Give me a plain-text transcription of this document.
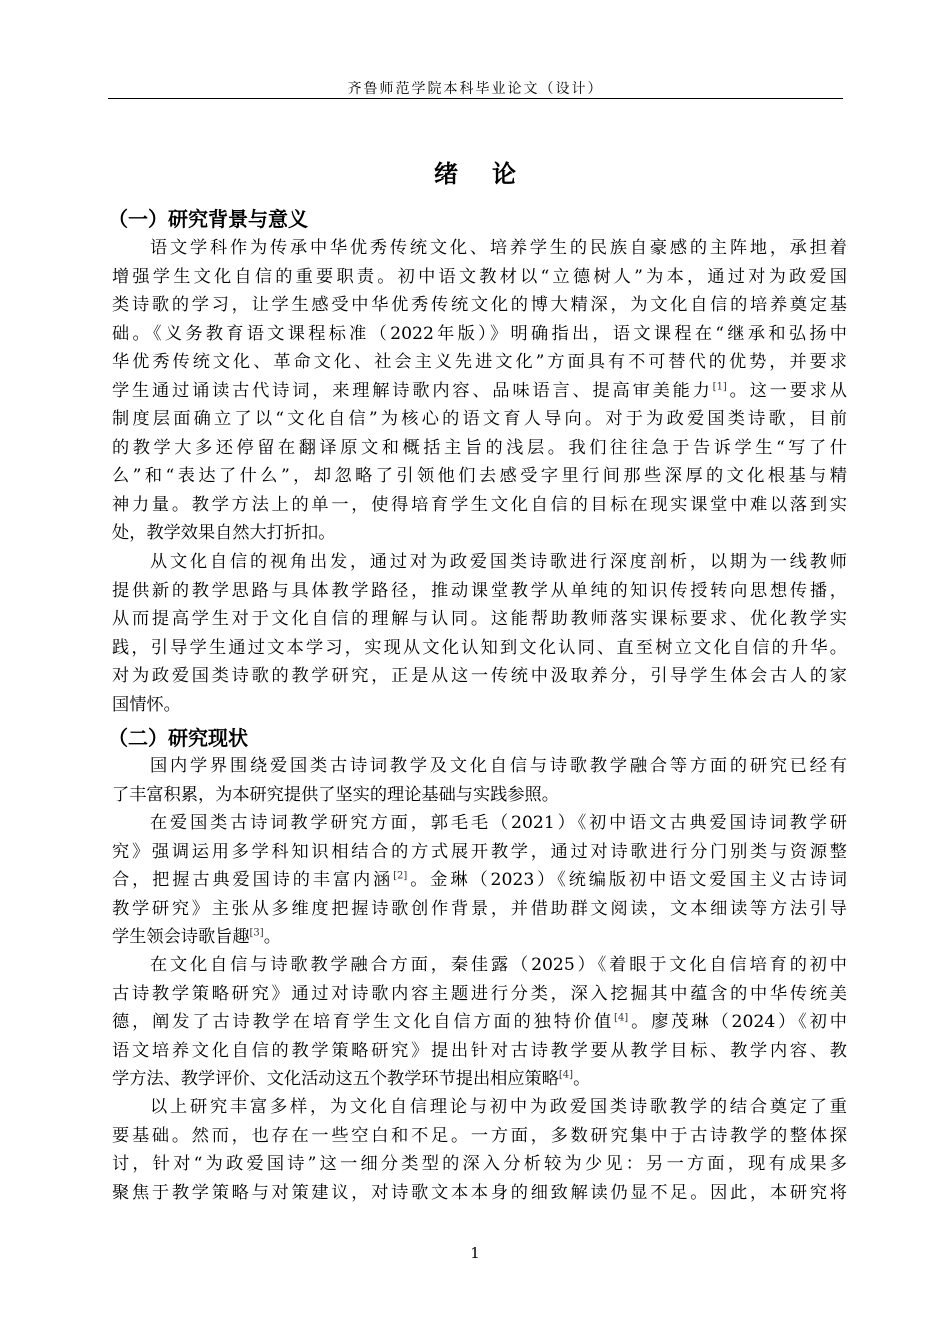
齐鲁师范学院本科毕业论文（设计）
绪论
（一）研究背景与意义
语文学科作为传承中华优秀传统文化、培养学生的民族自豪感的主阵地，承担着
增强学生文化自信的重要职责。初中语文教材以“立德树人”为本，通过对为政爱国
类诗歌的学习，让学生感受中华优秀传统文化的博大精深，为文化自信的培养奠定基
础。《义务教育语文课程标准（2022年版）》明确指出，语文课程在“继承和弘扬中
华优秀传统文化、革命文化、社会主义先进文化”方面具有不可替代的优势，并要求
学生通过诵读古代诗词，来理解诗歌内容、品味语言、提高审美能力[1]。这一要求从
制度层面确立了以“文化自信”为核心的语文育人导向。对于为政爱国类诗歌，目前
的教学大多还停留在翻译原文和概括主旨的浅层。我们往往急于告诉学生“写了什
么”和“表达了什么”，却忽略了引领他们去感受字里行间那些深厚的文化根基与精
神力量。教学方法上的单一，使得培育学生文化自信的目标在现实课堂中难以落到实
处，教学效果自然大打折扣。
从文化自信的视角出发，通过对为政爱国类诗歌进行深度剖析，以期为一线教师
提供新的教学思路与具体教学路径，推动课堂教学从单纯的知识传授转向思想传播，
从而提高学生对于文化自信的理解与认同。这能帮助教师落实课标要求、优化教学实
践，引导学生通过文本学习，实现从文化认知到文化认同、直至树立文化自信的升华。
对为政爱国类诗歌的教学研究，正是从这一传统中汲取养分，引导学生体会古人的家
国情怀。
（二）研究现状
国内学界围绕爱国类古诗词教学及文化自信与诗歌教学融合等方面的研究已经有
了丰富积累，为本研究提供了坚实的理论基础与实践参照。
在爱国类古诗词教学研究方面，郭毛毛（2021）《初中语文古典爱国诗词教学研
究》强调运用多学科知识相结合的方式展开教学，通过对诗歌进行分门别类与资源整
合，把握古典爱国诗的丰富内涵[2]。金琳（2023）《统编版初中语文爱国主义古诗词
教学研究》主张从多维度把握诗歌创作背景，并借助群文阅读，文本细读等方法引导
学生领会诗歌旨趣[3]。
在文化自信与诗歌教学融合方面，秦佳露（2025）《着眼于文化自信培育的初中
古诗教学策略研究》通过对诗歌内容主题进行分类，深入挖掘其中蕴含的中华传统美
德，阐发了古诗教学在培育学生文化自信方面的独特价值[4]。廖茂琳（2024）《初中
语文培养文化自信的教学策略研究》提出针对古诗教学要从教学目标、教学内容、教
学方法、教学评价、文化活动这五个教学环节提出相应策略[4]。
以上研究丰富多样，为文化自信理论与初中为政爱国类诗歌教学的结合奠定了重
要基础。然而，也存在一些空白和不足。一方面，多数研究集中于古诗教学的整体探
讨，针对“为政爱国诗”这一细分类型的深入分析较为少见：另一方面，现有成果多
聚焦于教学策略与对策建议，对诗歌文本本身的细致解读仍显不足。因此，本研究将
1
